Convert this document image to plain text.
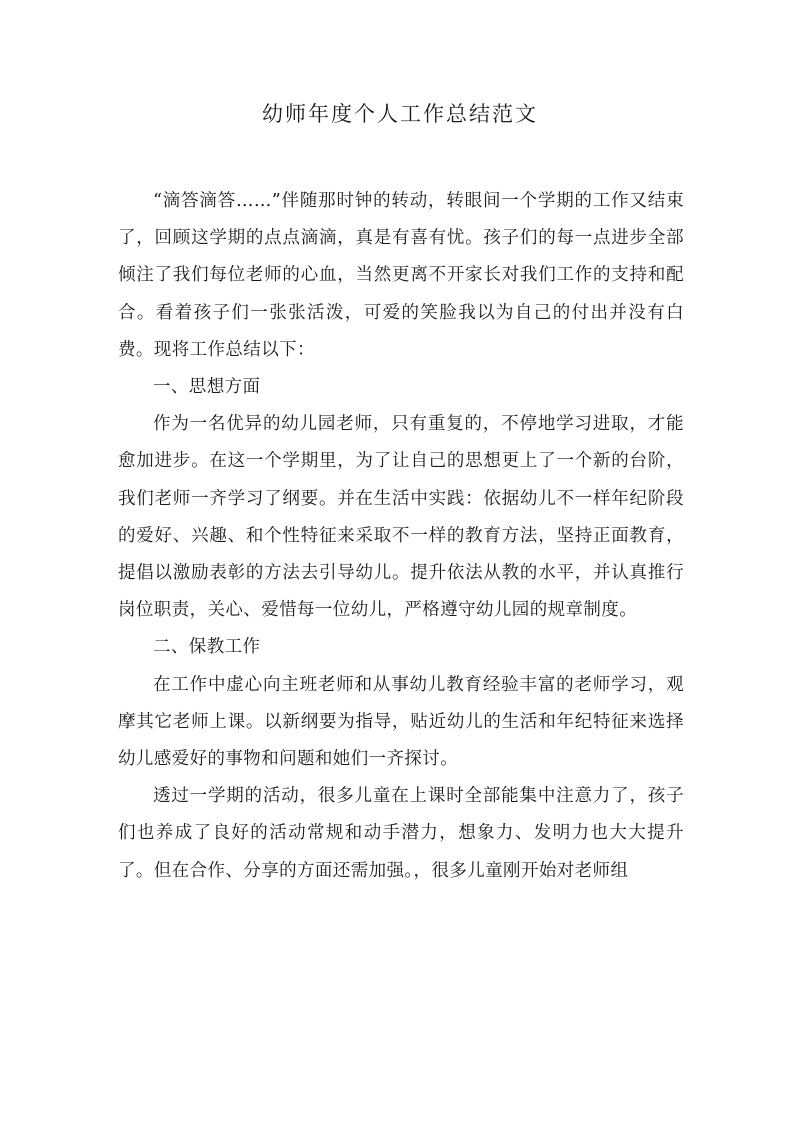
幼师年度个人工作总结范文

“滴答滴答……”伴随那时钟的转动，转眼间一个学期的工作又结束了，回顾这学期的点点滴滴，真是有喜有忧。孩子们的每一点进步全部倾注了我们每位老师的心血，当然更离不开家长对我们工作的支持和配合。看着孩子们一张张活泼，可爱的笑脸我以为自己的付出并没有白费。现将工作总结以下：

一、思想方面

作为一名优异的幼儿园老师，只有重复的，不停地学习进取，才能愈加进步。在这一个学期里，为了让自己的思想更上了一个新的台阶，我们老师一齐学习了纲要。并在生活中实践：依据幼儿不一样年纪阶段的爱好、兴趣、和个性特征来采取不一样的教育方法，坚持正面教育，提倡以激励表彰的方法去引导幼儿。提升依法从教的水平，并认真推行岗位职责，关心、爱惜每一位幼儿，严格遵守幼儿园的规章制度。

二、保教工作

在工作中虚心向主班老师和从事幼儿教育经验丰富的老师学习，观摩其它老师上课。以新纲要为指导，贴近幼儿的生活和年纪特征来选择幼儿感爱好的事物和问题和她们一齐探讨。

透过一学期的活动，很多儿童在上课时全部能集中注意力了，孩子们也养成了良好的活动常规和动手潜力，想象力、发明力也大大提升了。但在合作、分享的方面还需加强。，很多儿童刚开始对老师组
